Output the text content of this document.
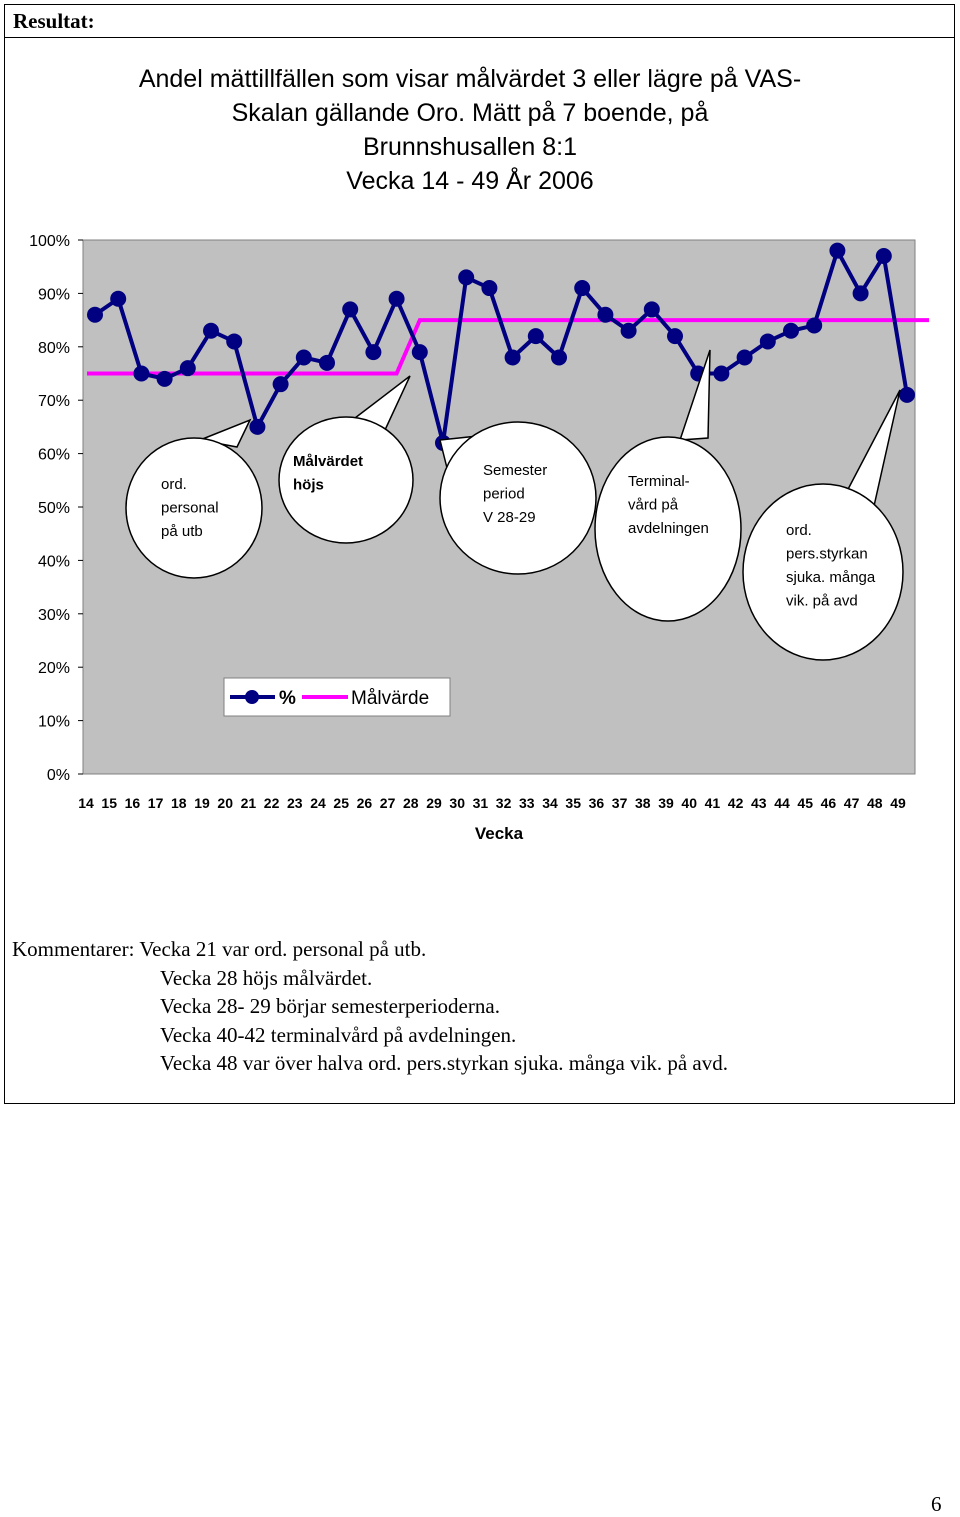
Resultat:
Andel mättillfällen som visar målvärdet 3 eller lägre på VAS-
Skalan gällande Oro. Mätt på 7 boende, på
Brunnshusallen 8:1
Vecka 14 - 49 År 2006
0%
10%
20%
30%
40%
50%
60%
70%
80%
90%
100%
14 15 16 17 18 19 20 21 22 23 24 25 26 27 28 29 30 31 32 33 34 35 36 37 38 39 40 41 42 43 44 45 46 47 48 49
Vecka
ord.
personal
på utb
Målvärdet
höjs
Semester
period
V 28-29
Terminal-
vård på
avdelningen	ord.
pers.styrkan
sjuka. många
vik. på avd
%	Målvärde
Kommentarer: Vecka 21 var ord. personal på utb.
Vecka 28 höjs målvärdet.
Vecka 28- 29 börjar semesterperioderna.
Vecka 40-42 terminalvård på avdelningen.
Vecka 48 var över halva ord. pers.styrkan sjuka. många vik. på avd.
6
